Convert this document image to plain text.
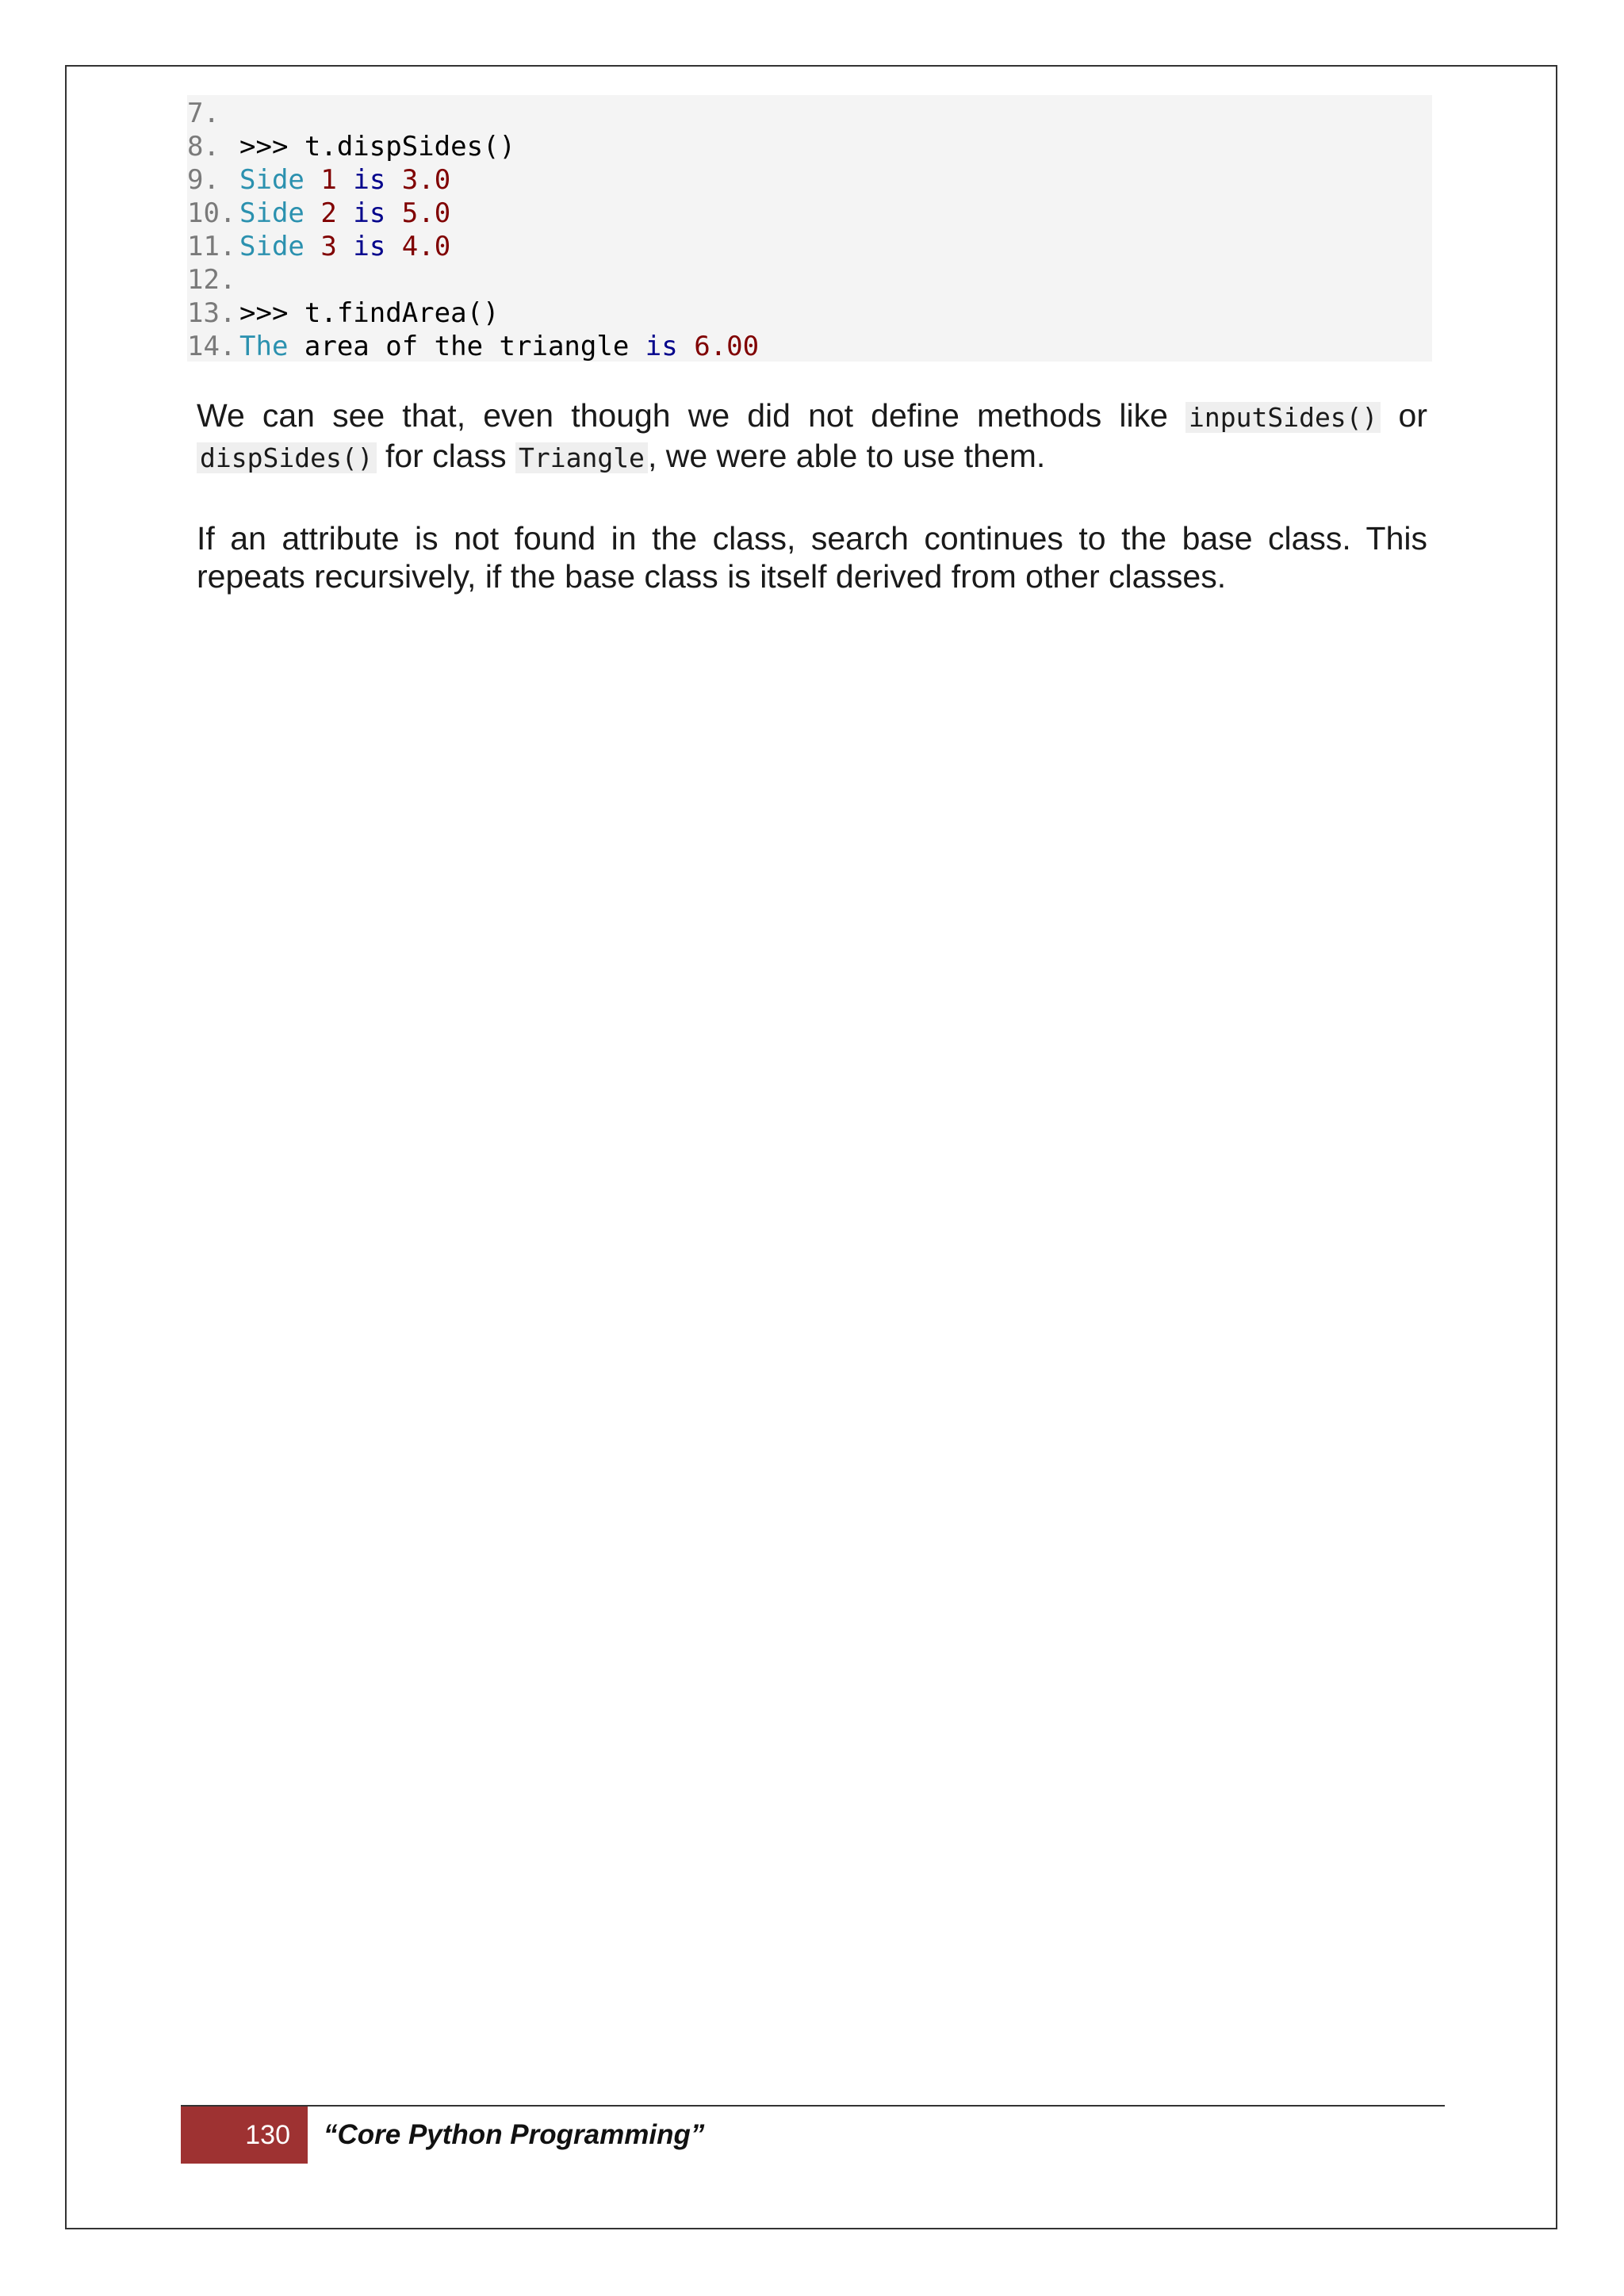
7.
8. >>> t.dispSides()
9. Side
1
is
3.0
10. Side
2
is
5.0
11. Side
3
is
4.0
12.
13. >>> t.findArea()
14. The area of the triangle is
6.00

We can see that, even though we did not define methods like inputSides() or dispSides() for class Triangle, we were able to use them.

If an attribute is not found in the class, search continues to the base class. This repeats recursively, if the base class is itself derived from other classes.

130 “Core Python Programming”
